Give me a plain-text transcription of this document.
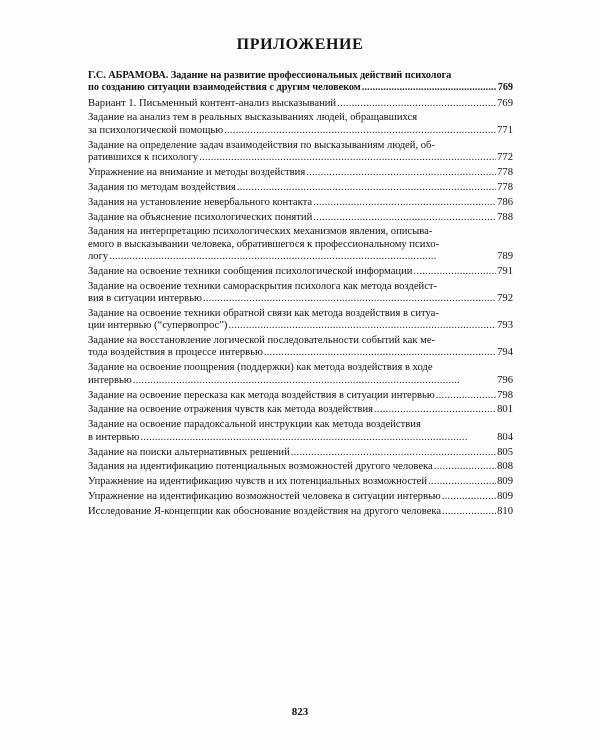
ПРИЛОЖЕНИЕ
Г.С. АБРАМОВА. Задание на развитие профессиональных действий психолога
по созданию ситуации взаимодействия с другим человеком . . .	769
Вариант 1. Письменный контент-анализ высказываний . . .	769
Задание на анализ тем в реальных высказываниях людей, обращавшихся
за психологической помощью . . .	771
Задание на определение задач взаимодействия по высказываниям людей, об-
ратившихся к психологу . . .	772
Упражнение на внимание и методы воздействия . . .	778
Задания по методам воздействия . . .	778
Задания на установление невербального контакта . . .	786
Задание на объяснение психологических понятий . . .	788
Задания на интерпретацию психологических механизмов явления, описыва-
емого в высказывании человека, обратившегося к профессиональному психо-
логу . . .	789
Задание на освоение техники сообщения психологической информации . . .	791
Задание на освоение техники самораскрытия психолога как метода воздейст-
вия в ситуации интервью . . .	792
Задание на освоение техники обратной связи как метода воздействия в ситуа-
ции интервью (“супервопрос”) . . .	793
Задание на восстановление логической последовательности событий как ме-
тода воздействия в процессе интервью . . .	794
Задание на освоение поощрения (поддержки) как метода воздействия в ходе
интервью . . .	796
Задание на освоение пересказа как метода воздействия в ситуации интервью . . .	798
Задание на освоение отражения чувств как метода воздействия . . .	801
Задание на освоение парадоксальной инструкции как метода воздействия
в интервью . . .	804
Задание на поиски альтернативных решений . . .	805
Задания на идентификацию потенциальных возможностей другого человека . . .	808
Упражнение на идентификацию чувств и их потенциальных возможностей . . .	809
Упражнение на идентификацию возможностей человека в ситуации интервью . . .	809
Исследование Я-концепции как обоснование воздействия на другого человека . . .	810
823
